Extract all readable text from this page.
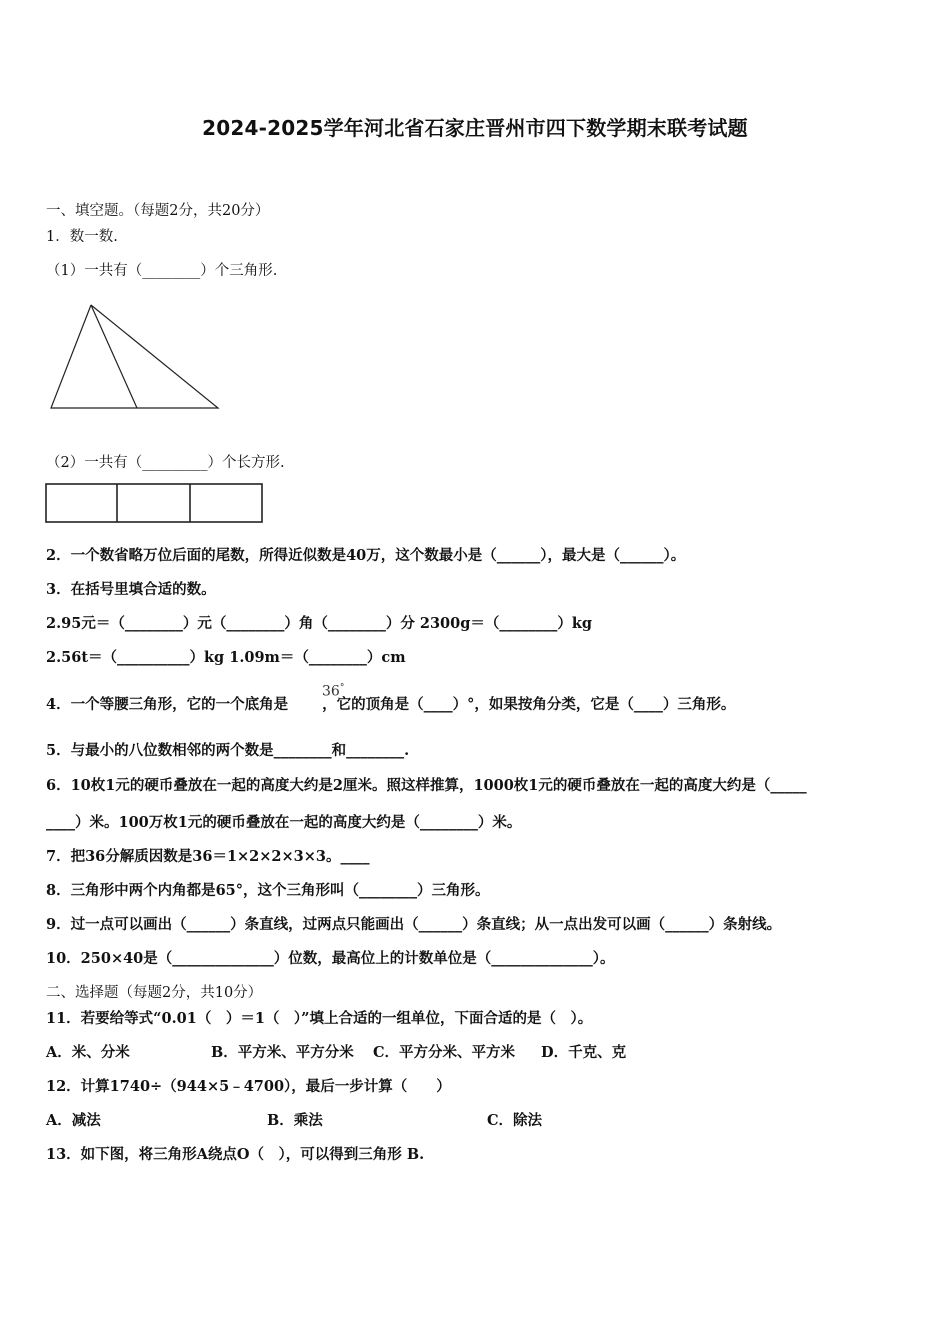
2024-2025学年河北省石家庄晋州市四下数学期末联考试题
一、填空题。（每题2分，共20分）
1．数一数.
（1）一共有（________）个三角形.
（2）一共有（_________）个长方形.
2．一个数省略万位后面的尾数，所得近似数是40万，这个数最小是（______），最大是（______）。
3．在括号里填合适的数。
2.95元＝（________）元（________）角（________）分 2300g＝（________）kg
2.56t＝（__________）kg 1.09m＝（________）cm
4．一个等腰三角形，它的一个底角是 ，它的顶角是（____）°，如果按角分类，它是（____）三角形。
36°
5．与最小的八位数相邻的两个数是________和________.
6．10枚1元的硬币叠放在一起的高度大约是2厘米。照这样推算，1000枚1元的硬币叠放在一起的高度大约是（_____
____）米。100万枚1元的硬币叠放在一起的高度大约是（________）米。
7．把36分解质因数是36＝1×2×2×3×3。____
8．三角形中两个内角都是65°，这个三角形叫（________）三角形。
9．过一点可以画出（______）条直线，过两点只能画出（______）条直线；从一点出发可以画（______）条射线。
10．250×40是（______________）位数，最高位上的计数单位是（______________）。
二、选择题（每题2分，共10分）
11．若要给等式“0.01（　）＝1（　）”填上合适的一组单位，下面合适的是（　）。
A．米、分米	B．平方米、平方分米 C．平方分米、平方米 D．千克、克
12．计算1740÷（944×5﹣4700），最后一步计算（　　）
A．减法	B．乘法	C．除法
13．如下图，将三角形A绕点O（　），可以得到三角形 B.
